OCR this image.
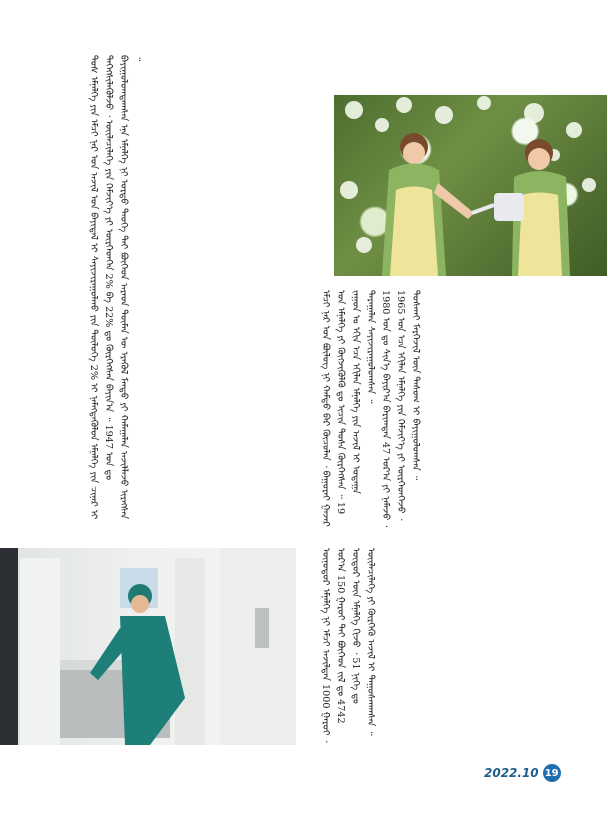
ᠲᠤᠰ ᠡᠮᠨᠡᠯᠭᠡ ᠶᠢᠨ ᠡᠮᠴᠢ ᠨᠠᠷ ᠤᠨ ᠠᠵᠢᠯ ᠤᠨ ᠪᠠᠶᠢᠳᠠᠯ ᠢ ᠰᠠᠶᠢᠵᠢᠷᠠᠭᠤᠯᠬᠤ ᠶᠢᠨ ᠲᠥᠯᠥᠭᠡ 2% ᠢ ᠨᠡᠮᠡᠭᠳᠡᠭᠦᠯᠦᠨ ᠡᠮᠨᠡᠯᠭᠡ ᠶᠢᠨ ᠴᠢᠨᠠᠷ ᠢ ᠳᠡᠭᠡᠭᠰᠢᠯᠡᠭᠦᠯᠵᠦ ᠂ ᠦᠢᠯᠡᠴᠢᠯᠡᠭᠡ ᠶᠢᠨ ᠬᠡᠮᠵᠢᠶ᠎ᠡ ᠶᠢ ᠥᠷᠭᠡᠳᠭᠡᠨ 2% ᠪᠠ 22% ᠳᠤ ᠬᠦᠷᠭᠡᠭᠰᠡᠨ ᠪᠠᠶᠢᠨ᠎ᠠ ᠃ 1947 ᠣᠨ ᠳᠤ ᠪᠠᠶᠢᠭᠤᠯᠤᠭᠳᠠᠭᠰᠠᠨ ᠡᠨᠡ ᠡᠮᠨᠡᠯᠭᠡ ᠨᠢ ᠤᠷᠲᠤ ᠲᠡᠦᠬᠡ ᠲᠠᠶ ᠪᠥᠭᠡᠳ ᠠᠷᠠᠳ ᠲᠦᠮᠡᠨ ᠦ ᠡᠷᠡᠬᠦᠯ ᠮᠡᠨᠳᠦ ᠶᠢ ᠬᠠᠮᠠᠭᠠᠯᠠᠨ ᠠᠵᠢᠯᠯᠠᠵᠤ ᠢᠷᠡᠭᠰᠡᠨ ᠃

ᠡᠮᠴᠢ ᠨᠠᠷ ᠤᠨ ᠪᠦᠯᠦᠭ ᠨᠢ ᠬᠠᠮᠲᠤ ᠪᠡᠷ ᠬᠦᠴᠦᠯᠡᠨ ᠂ ᠪᠠᠭᠤᠷᠠᠢ ᠭᠠᠵᠠᠷ ᠤᠨ ᠡᠮᠨᠡᠯᠭᠡ ᠶᠢ ᠬᠥᠭᠵᠢᠭᠦᠯᠬᠦ ᠳᠤ ᠢᠴᠢᠨ ᠲᠤᠰᠠ ᠬᠦᠷᠭᠡᠭᠰᠡᠨ ᠃ 19 ᠵᠠᠭᠤᠨ ᠤ ᠡᠬᠢᠨ ᠡᠴᠡ ᠡᠬᠢᠯᠡᠨ ᠡᠮᠨᠡᠯᠭᠡ ᠶᠢᠨ ᠠᠵᠢᠯ ᠢ ᠤᠳᠠᠭᠠ ᠳᠠᠷᠠᠭᠠᠯᠠᠨ ᠰᠠᠶᠢᠵᠢᠷᠠᠭᠤᠯᠤᠭᠰᠠᠨ ᠃ 1980 ᠣᠨ ᠳᠤ ᠰᠢᠨ᠎ᠡ ᠪᠠᠶᠢᠷ᠎ᠠ ᠪᠠᠷᠢᠭᠳᠠᠨ 47 ᠣᠷ᠎ᠠ ᠶᠢ ᠨᠡᠮᠡᠵᠦ ᠂ 1965 ᠣᠨ ᠡᠴᠡ ᠡᠬᠢᠯᠡᠨ ᠡᠮᠨᠡᠯᠭᠡ ᠶᠢᠨ ᠬᠡᠮᠵᠢᠶ᠎ᠡ ᠶᠢ ᠥᠷᠭᠡᠳᠭᠡᠵᠦ ᠂ ᠲᠤᠰᠬᠠᠢ ᠮᠡᠷᠭᠡᠵᠢᠯ ᠦᠨ ᠲᠠᠰᠤᠭ ᠢ ᠪᠠᠶᠢᠭᠤᠯᠤᠭᠰᠠᠨ ᠃

ᠥᠨᠥᠳᠥᠷ ᠡᠮᠨᠡᠯᠭᠡ ᠨᠢ ᠡᠮᠴᠢ ᠠᠵᠢᠯᠲᠠᠨ 1000 ᠭᠠᠷᠤᠢ ᠂ ᠣᠷ᠎ᠠ 150 ᠭᠠᠷᠤᠢ ᠲᠠᠢ ᠪᠥᠭᠡᠳ ᠵᠢᠯ ᠳᠤ 4742 ᠦᠳᠦᠷ ᠦᠨ ᠡᠮᠨᠡᠯᠭᠡ ᠬᠢᠵᠦ ᠂ 51 ᠨᠢᠭᠡ ᠳᠤ ᠦᠢᠯᠡᠴᠢᠯᠡᠭᠡ ᠶᠢ ᠬᠦᠷᠭᠡᠬᠦ ᠠᠵᠢᠯ ᠢ ᠳᠠᠭᠤᠰᠬᠠᠭᠰᠠᠨ ᠃

2022.10 19
